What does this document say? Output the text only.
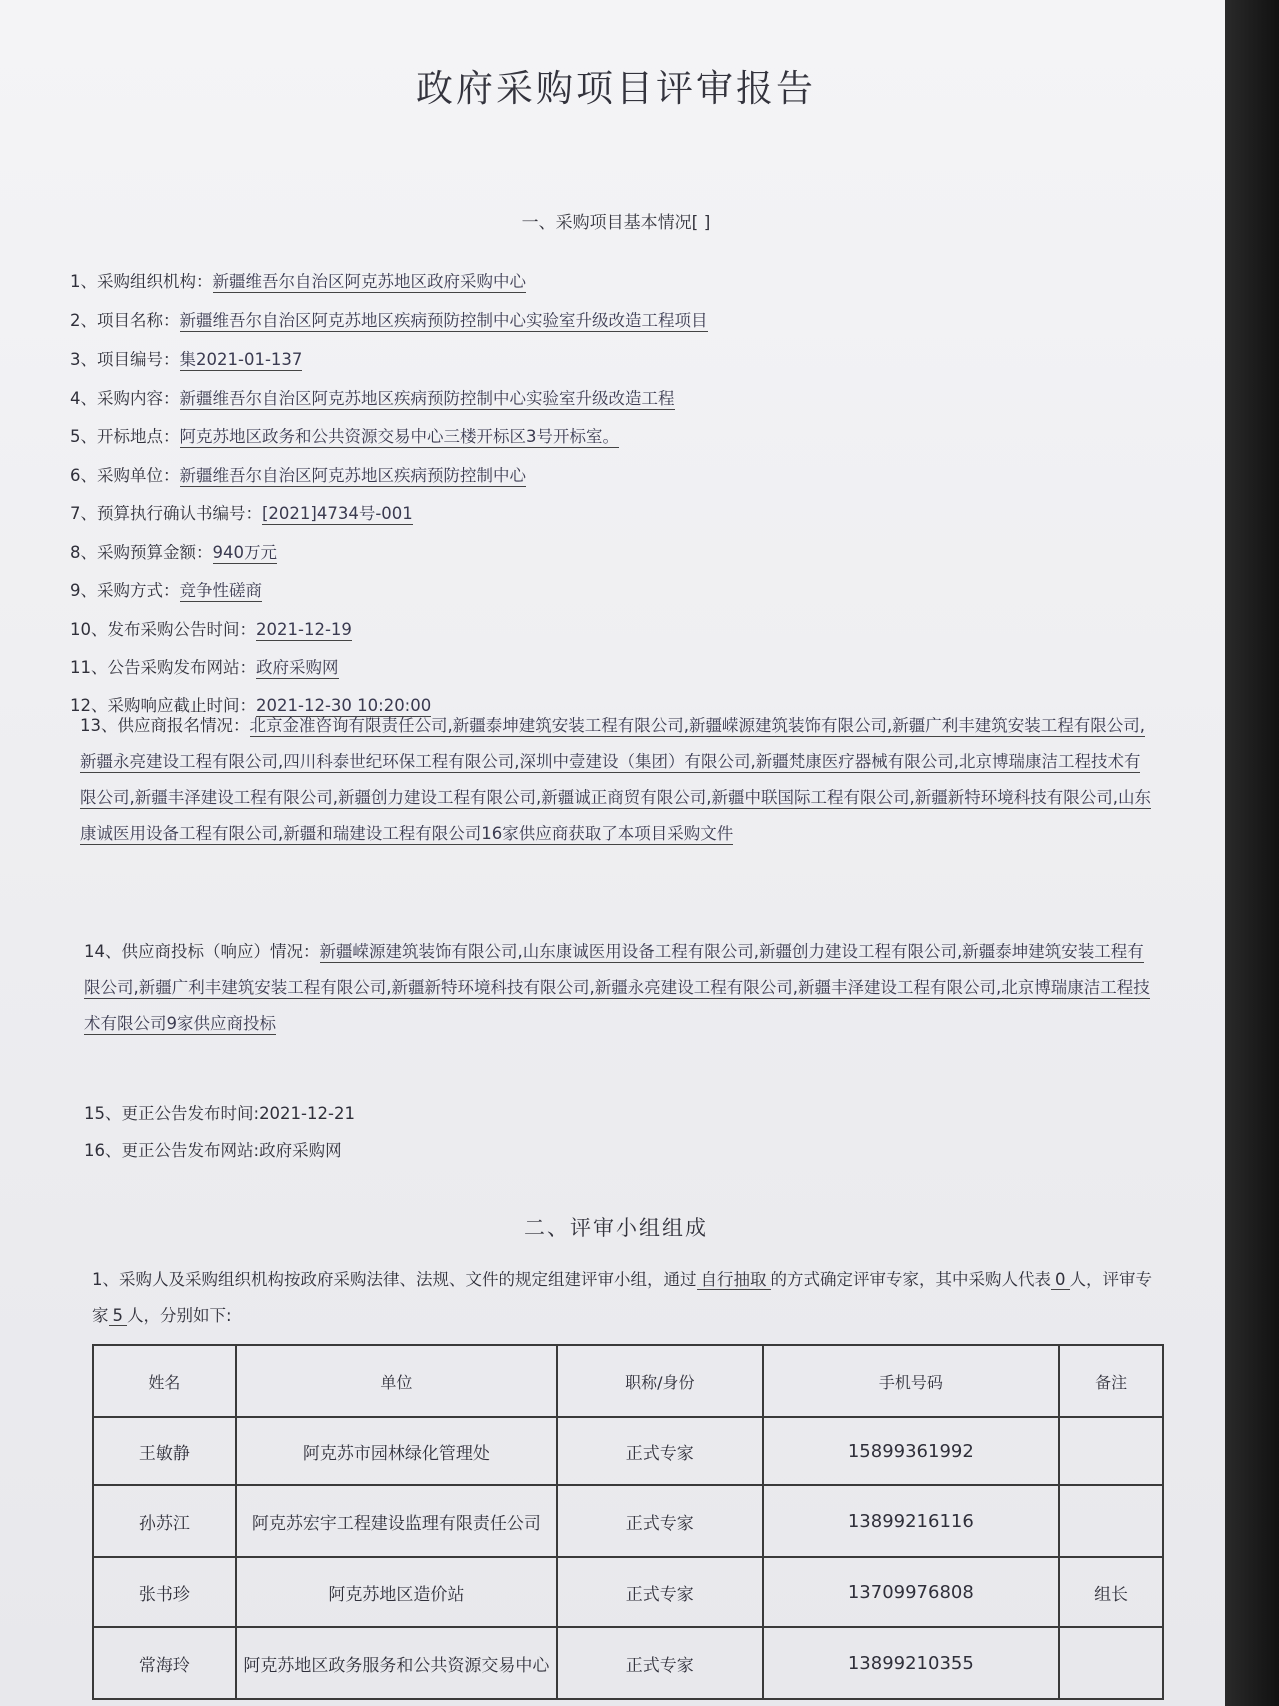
政府采购项目评审报告
一、采购项目基本情况[ ]
1、采购组织机构：新疆维吾尔自治区阿克苏地区政府采购中心
2、项目名称：新疆维吾尔自治区阿克苏地区疾病预防控制中心实验室升级改造工程项目
3、项目编号：集2021-01-137
4、采购内容：新疆维吾尔自治区阿克苏地区疾病预防控制中心实验室升级改造工程
5、开标地点：阿克苏地区政务和公共资源交易中心三楼开标区3号开标室。
6、采购单位：新疆维吾尔自治区阿克苏地区疾病预防控制中心
7、预算执行确认书编号：[2021]4734号-001
8、采购预算金额：940万元
9、采购方式：竞争性磋商
10、发布采购公告时间：2021-12-19
11、公告采购发布网站：政府采购网
12、采购响应截止时间：2021-12-30 10:20:00
13、供应商报名情况：北京金准咨询有限责任公司,新疆泰坤建筑安装工程有限公司,新疆嵘源建筑装饰有限公司,新疆广利丰建筑安装工程有限公司,新疆永亮建设工程有限公司,四川科泰世纪环保工程有限公司,深圳中壹建设（集团）有限公司,新疆梵康医疗器械有限公司,北京博瑞康洁工程技术有限公司,新疆丰泽建设工程有限公司,新疆创力建设工程有限公司,新疆诚正商贸有限公司,新疆中联国际工程有限公司,新疆新特环境科技有限公司,山东康诚医用设备工程有限公司,新疆和瑞建设工程有限公司16家供应商获取了本项目采购文件
14、供应商投标（响应）情况：新疆嵘源建筑装饰有限公司,山东康诚医用设备工程有限公司,新疆创力建设工程有限公司,新疆泰坤建筑安装工程有限公司,新疆广利丰建筑安装工程有限公司,新疆新特环境科技有限公司,新疆永亮建设工程有限公司,新疆丰泽建设工程有限公司,北京博瑞康洁工程技术有限公司9家供应商投标
15、更正公告发布时间:2021-12-21
16、更正公告发布网站:政府采购网
二、评审小组组成
1、采购人及采购组织机构按政府采购法律、法规、文件的规定组建评审小组，通过 自行抽取 的方式确定评审专家，其中采购人代表 0 人，评审专家 5 人，分别如下:
姓名	单位	职称/身份	手机号码	备注
王敏静	阿克苏市园林绿化管理处	正式专家	15899361992	
孙苏江	阿克苏宏宇工程建设监理有限责任公司	正式专家	13899216116	
张书珍	阿克苏地区造价站	正式专家	13709976808	组长
常海玲	阿克苏地区政务服务和公共资源交易中心	正式专家	13899210355	
